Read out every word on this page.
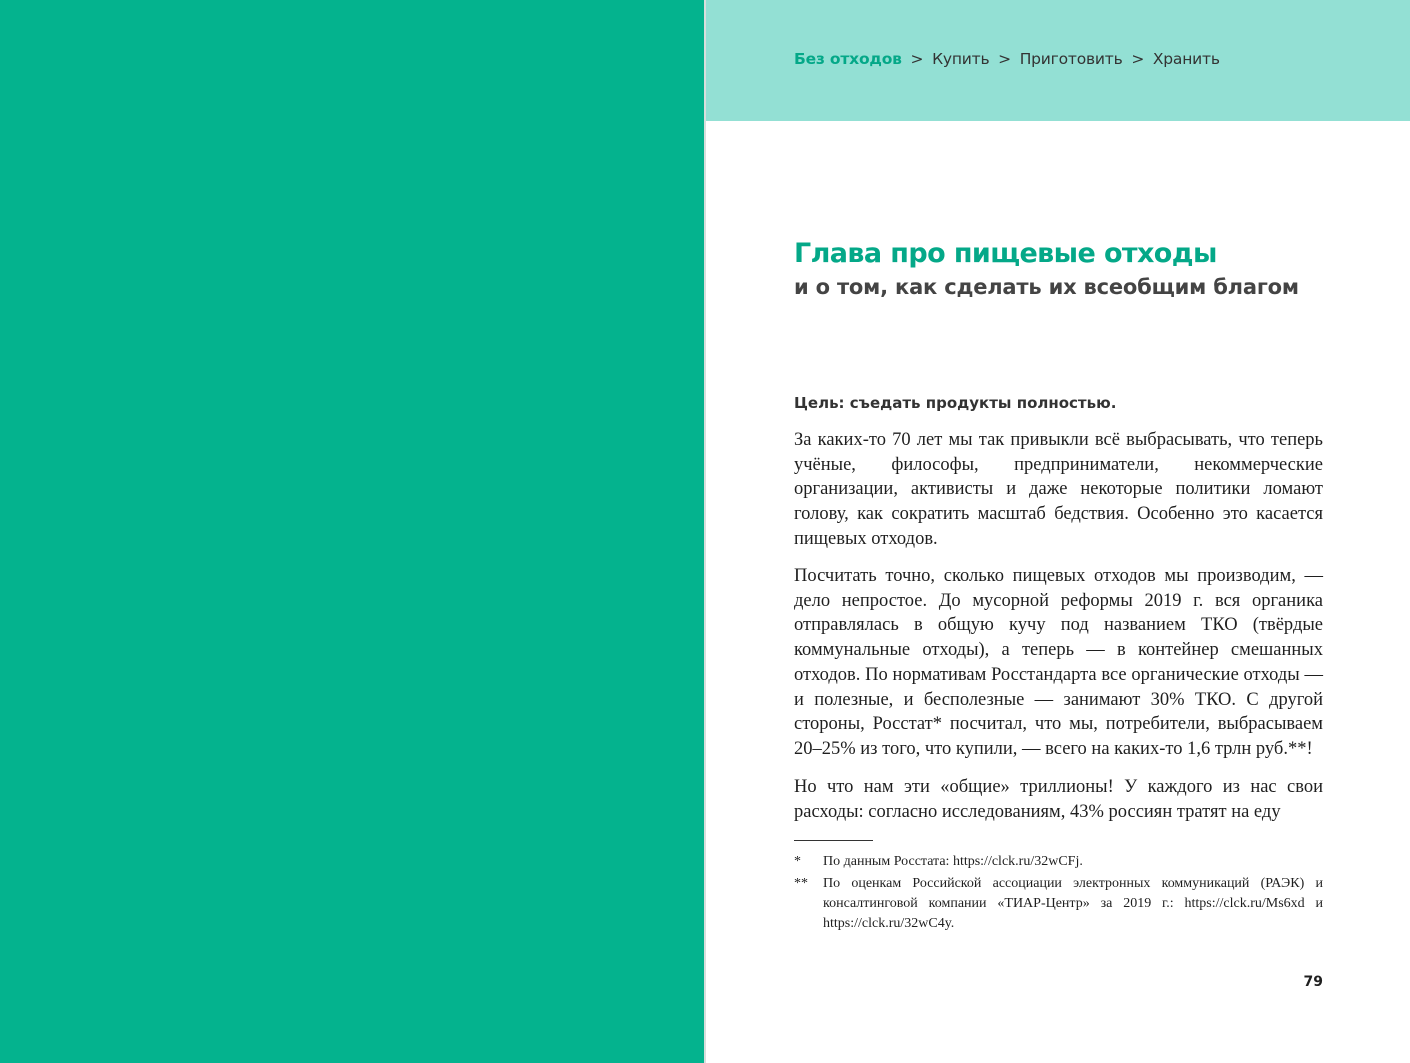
Без отходов > Купить > Приготовить > Хранить
Глава про пищевые отходы
и о том, как сделать их всеобщим благом

Цель: съедать продукты полностью.

За каких-то 70 лет мы так привыкли всё выбрасывать, что теперь учёные, философы, предприниматели, некоммерческие организации, активисты и даже некоторые политики ломают голову, как сократить масштаб бедствия. Особенно это касается пищевых отходов.

Посчитать точно, сколько пищевых отходов мы производим, — дело непростое. До мусорной реформы 2019 г. вся органика отправлялась в общую кучу под названием ТКО (твёрдые коммунальные отходы), а теперь — в контейнер смешанных отходов. По нормативам Росстандарта все органические отходы — и полезные, и бесполезные — занимают 30% ТКО. С другой стороны, Росстат* посчитал, что мы, потребители, выбрасываем 20–25% из того, что купили, — всего на каких-то 1,6 трлн руб.**!

Но что нам эти «общие» триллионы! У каждого из нас свои расходы: согласно исследованиям, 43% россиян тратят на еду

* По данным Росстата: https://clck.ru/32wCFj.
** По оценкам Российской ассоциации электронных коммуникаций (РАЭК) и консалтинговой компании «ТИАР-Центр» за 2019 г.: https://clck.ru/Ms6xd и https://clck.ru/32wC4y.
79
